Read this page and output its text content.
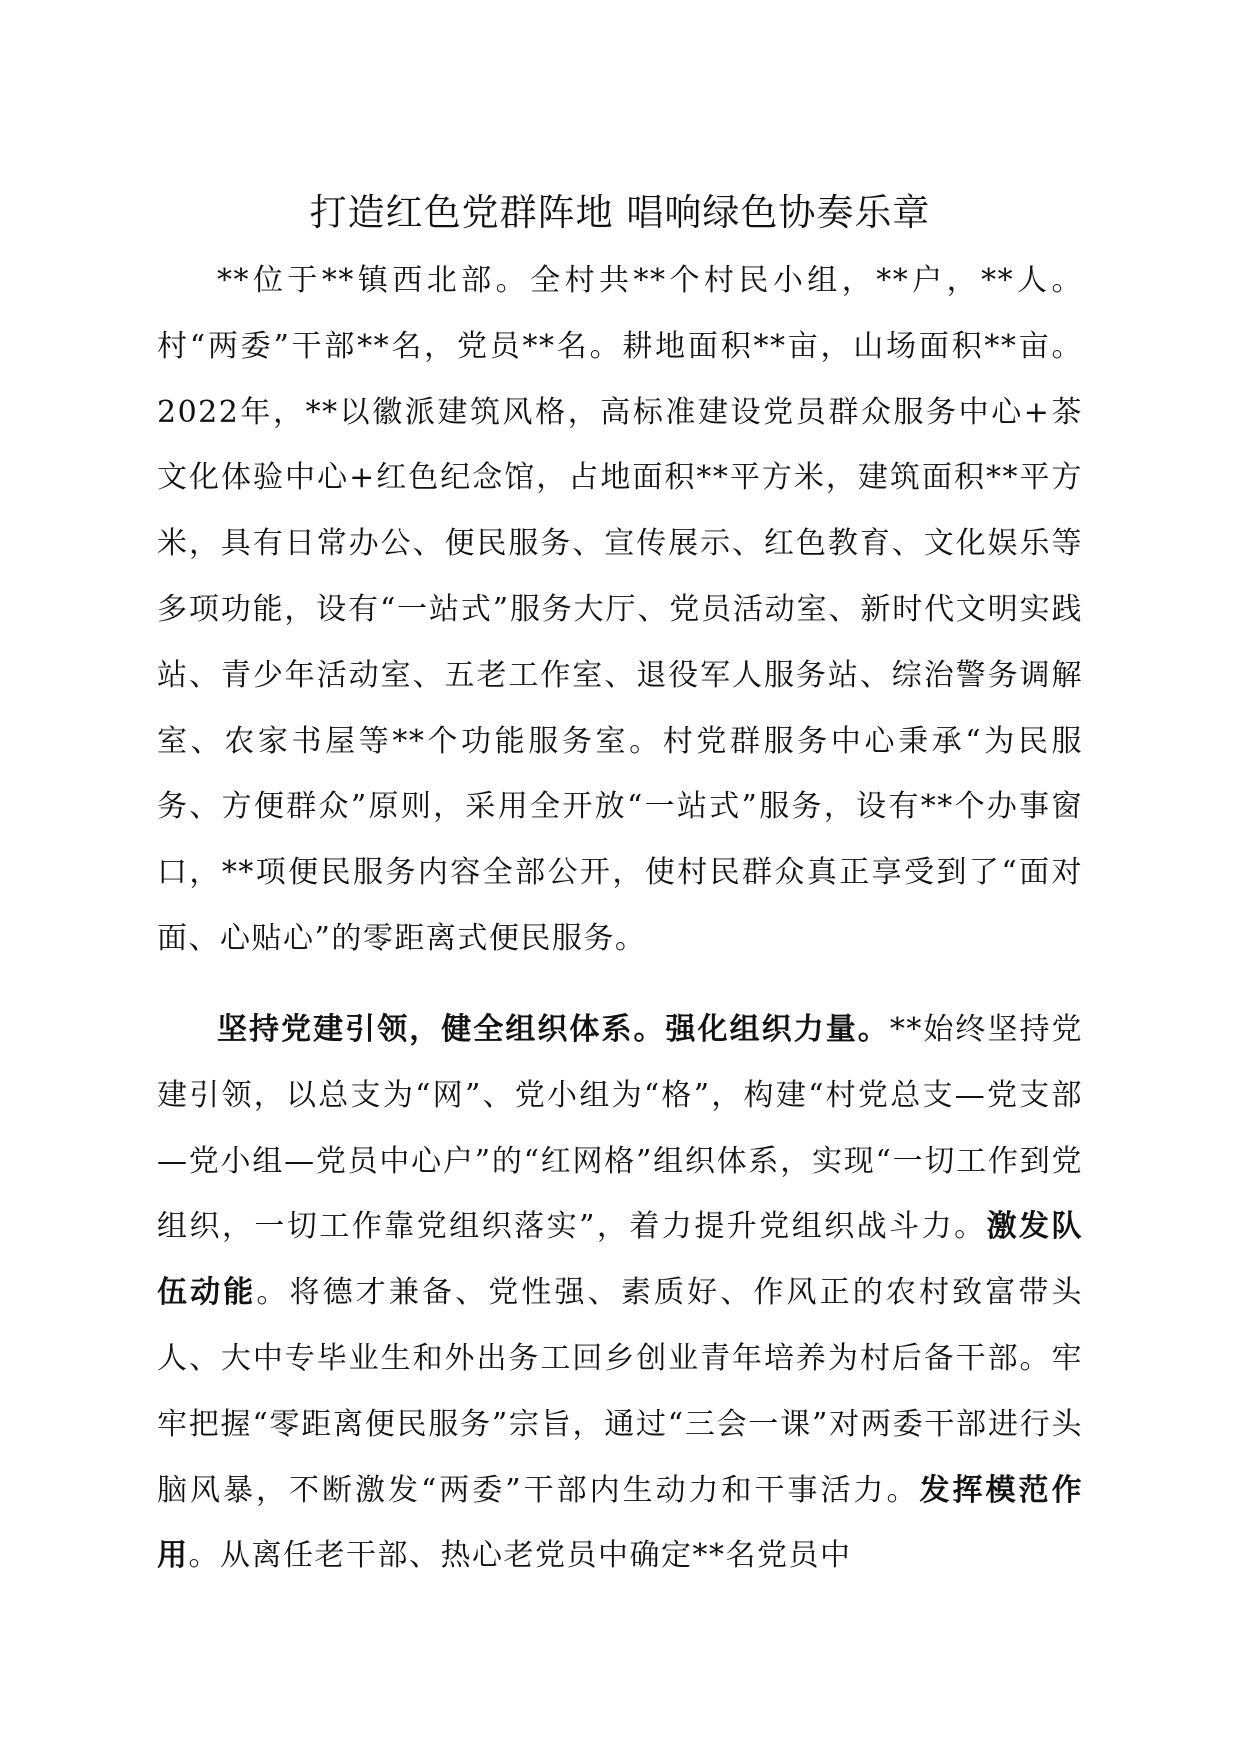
打造红色党群阵地 唱响绿色协奏乐章

**位于**镇西北部。全村共**个村民小组，**户，**人。村“两委”干部**名，党员**名。耕地面积**亩，山场面积**亩。2022年，**以徽派建筑风格，高标准建设党员群众服务中心+茶文化体验中心+红色纪念馆，占地面积**平方米，建筑面积**平方米，具有日常办公、便民服务、宣传展示、红色教育、文化娱乐等多项功能，设有“一站式”服务大厅、党员活动室、新时代文明实践站、青少年活动室、五老工作室、退役军人服务站、综治警务调解室、农家书屋等**个功能服务室。村党群服务中心秉承“为民服务、方便群众”原则，采用全开放“一站式”服务，设有**个办事窗口，**项便民服务内容全部公开，使村民群众真正享受到了“面对面、心贴心”的零距离式便民服务。

坚持党建引领，健全组织体系。强化组织力量。**始终坚持党建引领，以总支为“网”、党小组为“格”，构建“村党总支—党支部—党小组—党员中心户”的“红网格”组织体系，实现“一切工作到党组织，一切工作靠党组织落实”，着力提升党组织战斗力。激发队伍动能。将德才兼备、党性强、素质好、作风正的农村致富带头人、大中专毕业生和外出务工回乡创业青年培养为村后备干部。牢牢把握“零距离便民服务”宗旨，通过“三会一课”对两委干部进行头脑风暴，不断激发“两委”干部内生动力和干事活力。发挥模范作用。从离任老干部、热心老党员中确定**名党员中
